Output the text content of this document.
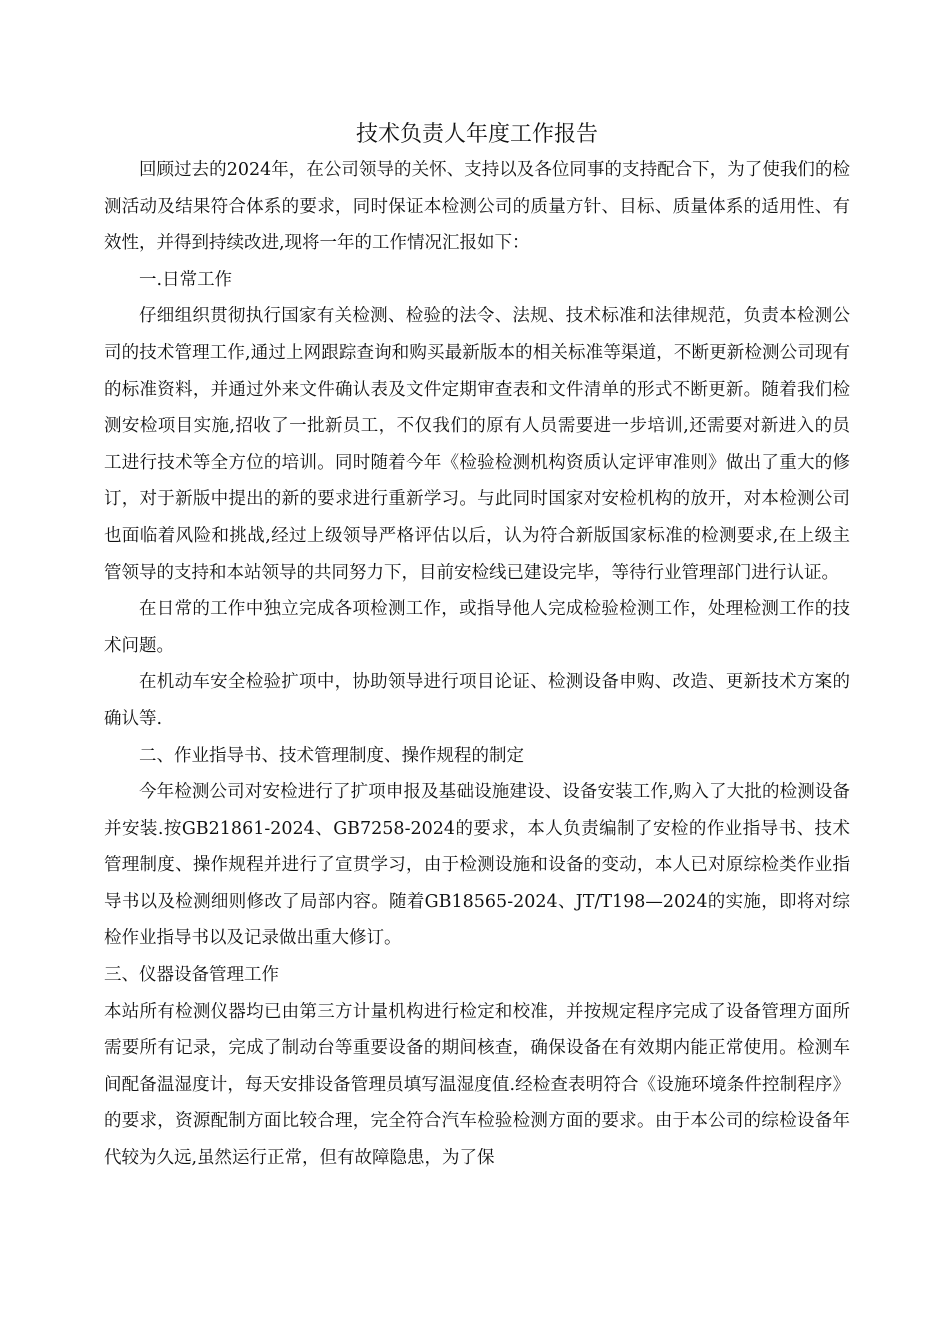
技术负责人年度工作报告

回顾过去的2024年，在公司领导的关怀、支持以及各位同事的支持配合下，为了使我们的检测活动及结果符合体系的要求，同时保证本检测公司的质量方针、目标、质量体系的适用性、有效性，并得到持续改进,现将一年的工作情况汇报如下：

一.日常工作

仔细组织贯彻执行国家有关检测、检验的法令、法规、技术标准和法律规范，负责本检测公司的技术管理工作,通过上网跟踪查询和购买最新版本的相关标准等渠道，不断更新检测公司现有的标准资料，并通过外来文件确认表及文件定期审查表和文件清单的形式不断更新。随着我们检测安检项目实施,招收了一批新员工，不仅我们的原有人员需要进一步培训,还需要对新进入的员工进行技术等全方位的培训。同时随着今年《检验检测机构资质认定评审准则》做出了重大的修订，对于新版中提出的新的要求进行重新学习。与此同时国家对安检机构的放开，对本检测公司也面临着风险和挑战,经过上级领导严格评估以后，认为符合新版国家标准的检测要求,在上级主管领导的支持和本站领导的共同努力下，目前安检线已建设完毕，等待行业管理部门进行认证。

在日常的工作中独立完成各项检测工作，或指导他人完成检验检测工作，处理检测工作的技术问题。

在机动车安全检验扩项中，协助领导进行项目论证、检测设备申购、改造、更新技术方案的确认等.

二、作业指导书、技术管理制度、操作规程的制定

今年检测公司对安检进行了扩项申报及基础设施建设、设备安装工作,购入了大批的检测设备并安装.按GB21861-2024、GB7258-2024的要求，本人负责编制了安检的作业指导书、技术管理制度、操作规程并进行了宣贯学习，由于检测设施和设备的变动，本人已对原综检类作业指导书以及检测细则修改了局部内容。随着GB18565-2024、JT/T198—2024的实施，即将对综检作业指导书以及记录做出重大修订。

三、仪器设备管理工作

本站所有检测仪器均已由第三方计量机构进行检定和校准，并按规定程序完成了设备管理方面所需要所有记录，完成了制动台等重要设备的期间核查，确保设备在有效期内能正常使用。检测车间配备温湿度计，每天安排设备管理员填写温湿度值.经检查表明符合《设施环境条件控制程序》的要求，资源配制方面比较合理，完全符合汽车检验检测方面的要求。由于本公司的综检设备年代较为久远,虽然运行正常，但有故障隐患，为了保
